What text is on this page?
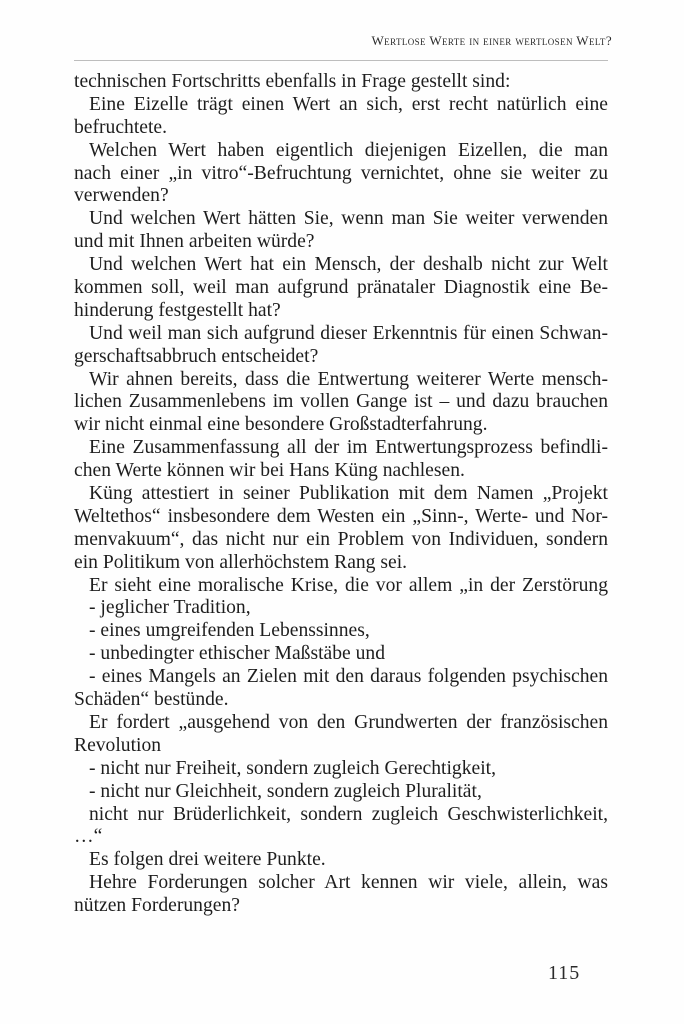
Wertlose Werte in einer wertlosen Welt?
technischen Fortschritts ebenfalls in Frage gestellt sind:
Eine Eizelle trägt einen Wert an sich, erst recht natürlich eine
befruchtete.
Welchen Wert haben eigentlich diejenigen Eizellen, die man
nach einer „in vitro“-Befruchtung vernichtet, ohne sie weiter zu
verwenden?
Und welchen Wert hätten Sie, wenn man Sie weiter verwenden
und mit Ihnen arbeiten würde?
Und welchen Wert hat ein Mensch, der deshalb nicht zur Welt
kommen soll, weil man aufgrund pränataler Diagnostik eine Be-
hinderung festgestellt hat?
Und weil man sich aufgrund dieser Erkenntnis für einen Schwan-
gerschaftsabbruch entscheidet?
Wir ahnen bereits, dass die Entwertung weiterer Werte mensch-
lichen Zusammenlebens im vollen Gange ist – und dazu brauchen
wir nicht einmal eine besondere Großstadterfahrung.
Eine Zusammenfassung all der im Entwertungsprozess befindli-
chen Werte können wir bei Hans Küng nachlesen.
Küng attestiert in seiner Publikation mit dem Namen „Projekt
Weltethos“ insbesondere dem Westen ein „Sinn-, Werte- und Nor-
menvakuum“, das nicht nur ein Problem von Individuen, sondern
ein Politikum von allerhöchstem Rang sei.
Er sieht eine moralische Krise, die vor allem „in der Zerstörung
- jeglicher Tradition,
- eines umgreifenden Lebenssinnes,
- unbedingter ethischer Maßstäbe und
- eines Mangels an Zielen mit den daraus folgenden psychischen
Schäden“ bestünde.
Er fordert „ausgehend von den Grundwerten der französischen
Revolution
- nicht nur Freiheit, sondern zugleich Gerechtigkeit,
- nicht nur Gleichheit, sondern zugleich Pluralität,
nicht nur Brüderlichkeit, sondern zugleich Geschwisterlichkeit,
…“
Es folgen drei weitere Punkte.
Hehre Forderungen solcher Art kennen wir viele, allein, was
nützen Forderungen?
115
